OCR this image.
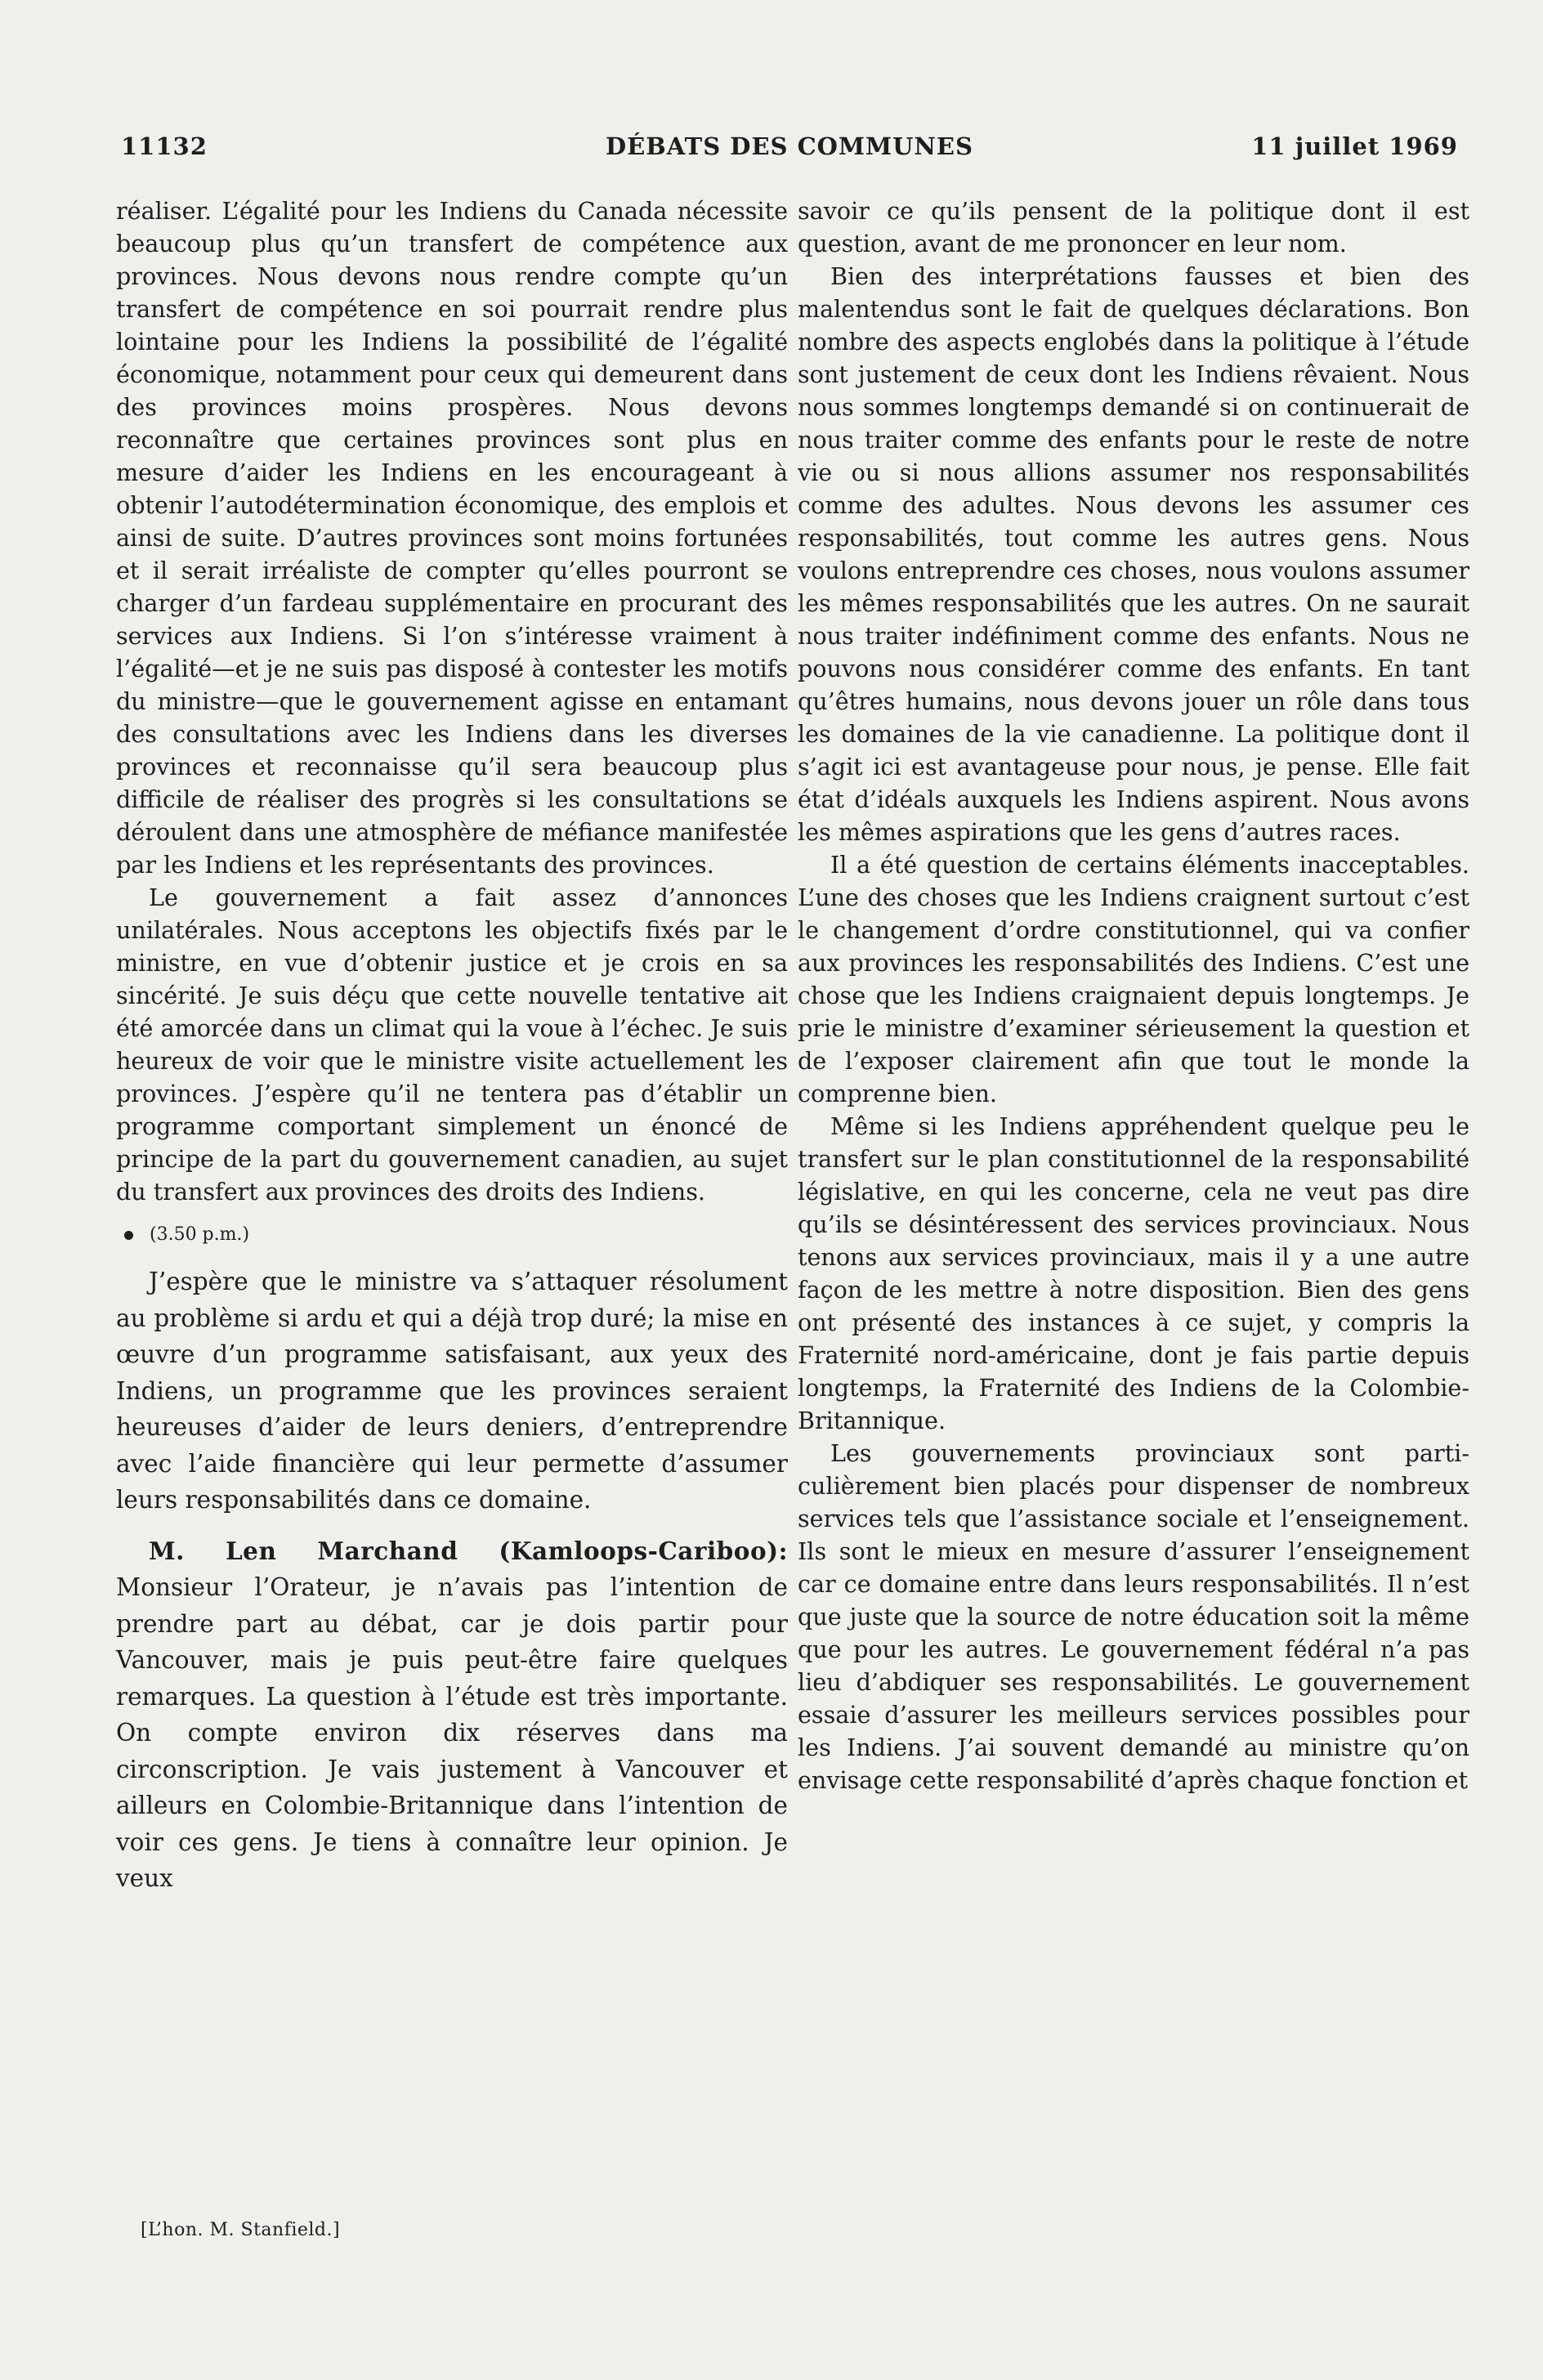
11132	DÉBATS DES COMMUNES	11 juillet 1969

réaliser. L’égalité pour les Indiens du Canada nécessite beaucoup plus qu’un transfert de compétence aux provinces. Nous devons nous rendre compte qu’un transfert de compétence en soi pourrait rendre plus lointaine pour les Indiens la possibilité de l’égalité économique, notamment pour ceux qui demeurent dans des provinces moins prospères. Nous devons reconnaître que certaines provinces sont plus en mesure d’aider les Indiens en les encourageant à obtenir l’autodétermination économique, des emplois et ainsi de suite. D’autres provinces sont moins fortunées et il serait irréaliste de compter qu’elles pourront se charger d’un fardeau supplémentaire en procurant des services aux Indiens. Si l’on s’intéresse vraiment à l’égalité—et je ne suis pas disposé à contester les motifs du ministre—que le gouvernement agisse en entamant des consultations avec les Indiens dans les diverses provinces et reconnaisse qu’il sera beaucoup plus difficile de réaliser des progrès si les consultations se déroulent dans une atmosphère de méfiance manifestée par les Indiens et les représentants des provinces.

Le gouvernement a fait assez d’annonces unilatérales. Nous acceptons les objectifs fixés par le ministre, en vue d’obtenir justice et je crois en sa sincérité. Je suis déçu que cette nouvelle tentative ait été amorcée dans un climat qui la voue à l’échec. Je suis heureux de voir que le ministre visite actuellement les provinces. J’espère qu’il ne tentera pas d’établir un programme comportant simplement un énoncé de principe de la part du gouvernement canadien, au sujet du transfert aux provinces des droits des Indiens.

(3.50 p.m.)

J’espère que le ministre va s’attaquer résolument au problème si ardu et qui a déjà trop duré; la mise en œuvre d’un programme satisfaisant, aux yeux des Indiens, un programme que les provinces seraient heureuses d’aider de leurs deniers, d’entreprendre avec l’aide financière qui leur permette d’assumer leurs responsabilités dans ce domaine.

M. Len Marchand (Kamloops-Cariboo): Monsieur l’Orateur, je n’avais pas l’intention de prendre part au débat, car je dois partir pour Vancouver, mais je puis peut-être faire quelques remarques. La question à l’étude est très importante. On compte environ dix réserves dans ma circonscription. Je vais justement à Vancouver et ailleurs en Colombie-Britannique dans l’intention de voir ces gens. Je tiens à connaître leur opinion. Je veux

savoir ce qu’ils pensent de la politique dont il est question, avant de me prononcer en leur nom.

Bien des interprétations fausses et bien des malentendus sont le fait de quelques déclarations. Bon nombre des aspects englobés dans la politique à l’étude sont justement de ceux dont les Indiens rêvaient. Nous nous sommes longtemps demandé si on continuerait de nous traiter comme des enfants pour le reste de notre vie ou si nous allions assumer nos responsabilités comme des adultes. Nous devons les assumer ces responsabilités, tout comme les autres gens. Nous voulons entreprendre ces choses, nous voulons assumer les mêmes responsabilités que les autres. On ne saurait nous traiter indéfiniment comme des enfants. Nous ne pouvons nous considérer comme des enfants. En tant qu’êtres humains, nous devons jouer un rôle dans tous les domaines de la vie canadienne. La politique dont il s’agit ici est avantageuse pour nous, je pense. Elle fait état d’idéals auxquels les Indiens aspirent. Nous avons les mêmes aspirations que les gens d’autres races.

Il a été question de certains éléments inacceptables. L’une des choses que les Indiens craignent surtout c’est le changement d’ordre constitutionnel, qui va confier aux provinces les responsabilités des Indiens. C’est une chose que les Indiens craignaient depuis longtemps. Je prie le ministre d’examiner sérieusement la question et de l’exposer clairement afin que tout le monde la comprenne bien.

Même si les Indiens appréhendent quelque peu le transfert sur le plan constitutionnel de la responsabilité législative, en qui les concerne, cela ne veut pas dire qu’ils se désintéressent des services provinciaux. Nous tenons aux services provinciaux, mais il y a une autre façon de les mettre à notre disposition. Bien des gens ont présenté des instances à ce sujet, y compris la Fraternité nord-américaine, dont je fais partie depuis longtemps, la Fraternité des Indiens de la Colombie-Britannique.

Les gouvernements provinciaux sont particulièrement bien placés pour dispenser de nombreux services tels que l’assistance sociale et l’enseignement. Ils sont le mieux en mesure d’assurer l’enseignement car ce domaine entre dans leurs responsabilités. Il n’est que juste que la source de notre éducation soit la même que pour les autres. Le gouvernement fédéral n’a pas lieu d’abdiquer ses responsabilités. Le gouvernement essaie d’assurer les meilleurs services possibles pour les Indiens. J’ai souvent demandé au ministre qu’on envisage cette responsabilité d’après chaque fonction et

[L’hon. M. Stanfield.]
